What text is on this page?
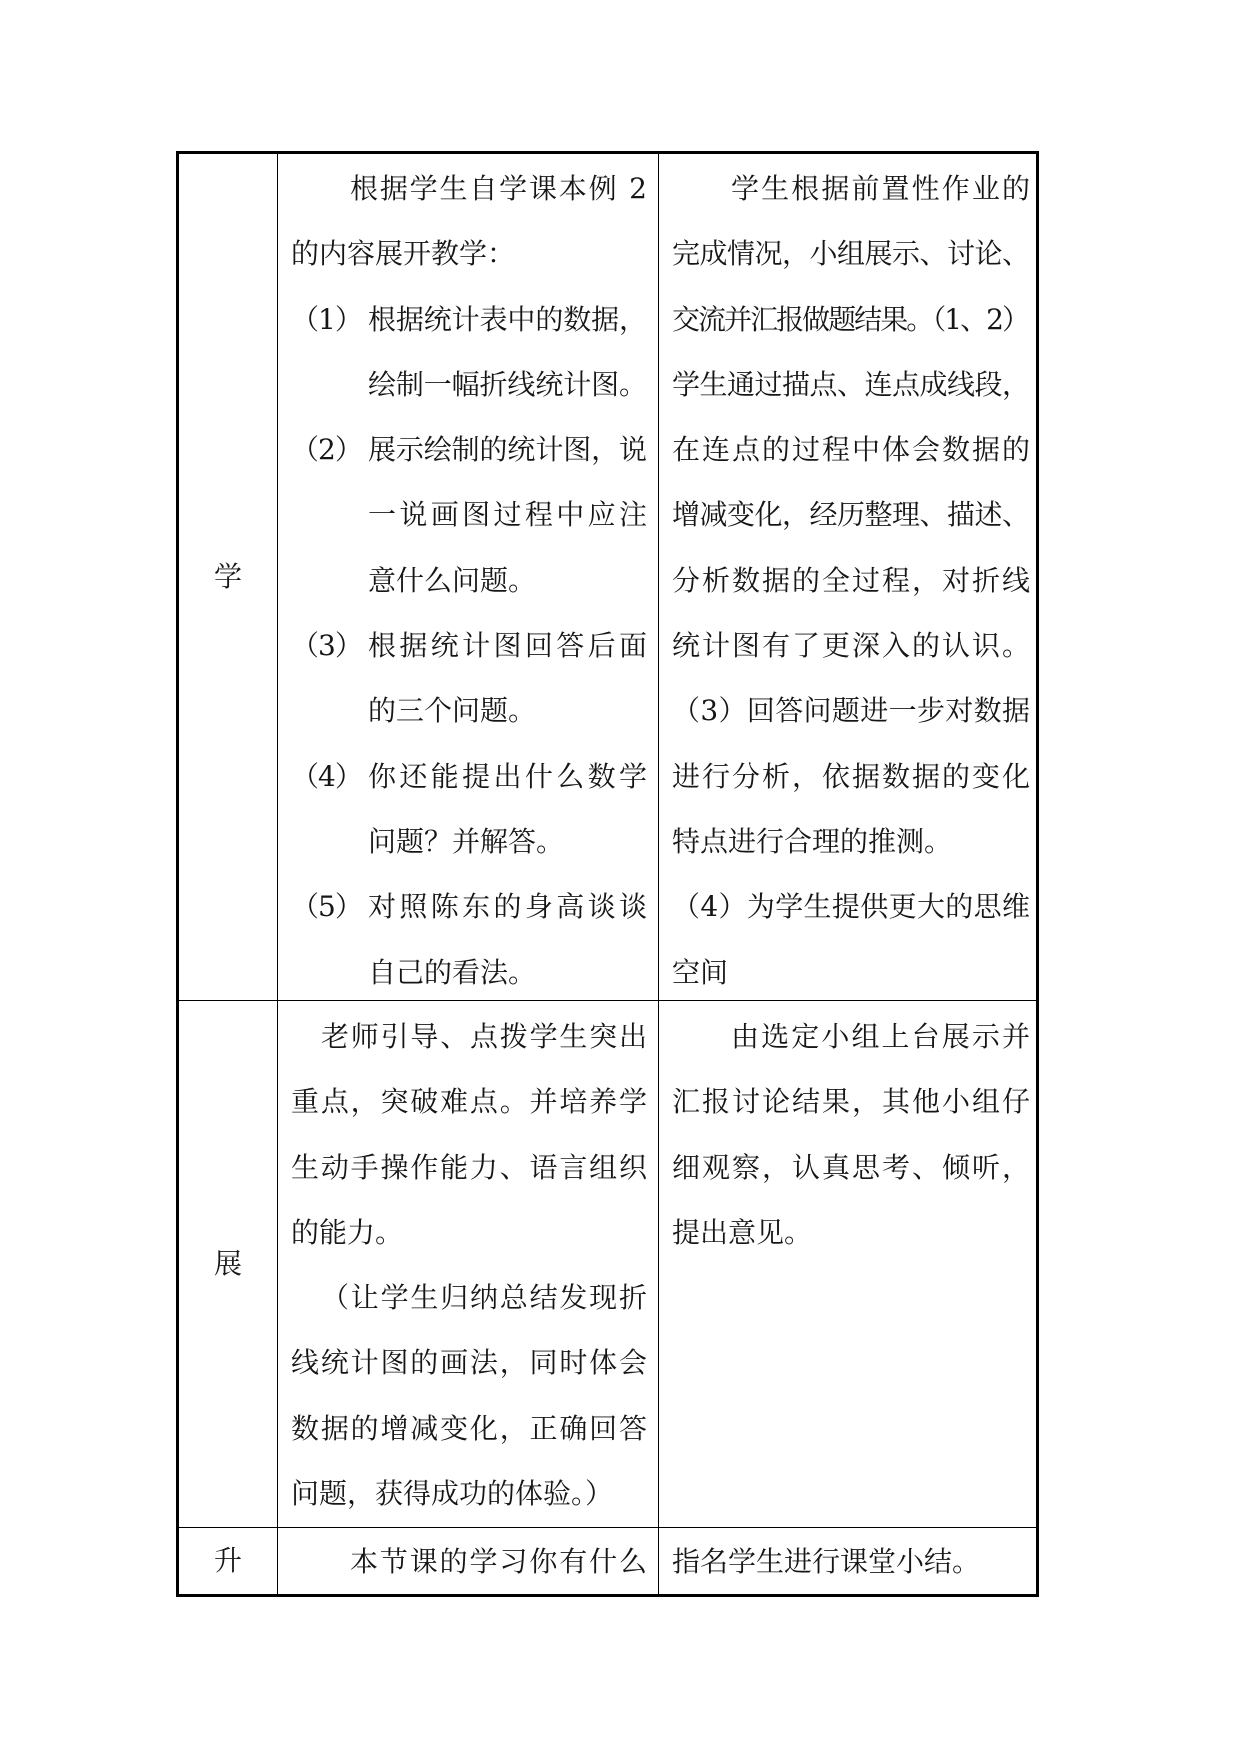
学
根据学生自学课本例 2
的内容展开教学：
（1） 根据统计表中的数据，
绘制一幅折线统计图。
（2） 展示绘制的统计图，说
一说画图过程中应注
意什么问题。
（3） 根据统计图回答后面
的三个问题。
（4） 你还能提出什么数学
问题？并解答。
（5） 对照陈东的身高谈谈
自己的看法。
学生根据前置性作业的
完成情况，小组展示、讨论、
交流并汇报做题结果。（1、2）
学生通过描点、连点成线段，
在连点的过程中体会数据的
增减变化，经历整理、描述、
分析数据的全过程，对折线
统计图有了更深入的认识。
（3）回答问题进一步对数据
进行分析，依据数据的变化
特点进行合理的推测。
（4）为学生提供更大的思维
空间
展
老师引导、点拨学生突出
重点，突破难点。并培养学
生动手操作能力、语言组织
的能力。
（让学生归纳总结发现折
线统计图的画法，同时体会
数据的增减变化，正确回答
问题，获得成功的体验。）
由选定小组上台展示并
汇报讨论结果，其他小组仔
细观察，认真思考、倾听，
提出意见。
升	本节课的学习你有什么 指名学生进行课堂小结。
